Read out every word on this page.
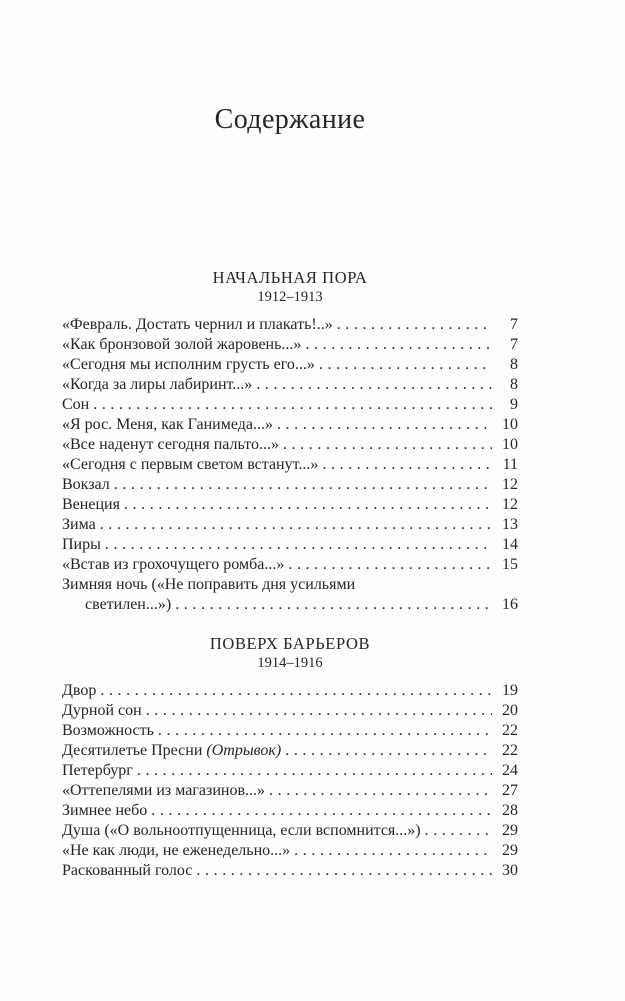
Содержание
НАЧАЛЬНАЯ ПОРА
1912–1913
«Февраль. Достать чернил и плакать!..» .....	7
«Как бронзовой золой жаровень...» .....	7
«Сегодня мы исполним грусть его...» .....	8
«Когда за лиры лабиринт...» .....	8
Сон .....	9
«Я рос. Меня, как Ганимеда...» .....	10
«Все наденут сегодня пальто...» .....	10
«Сегодня с первым светом встанут...» .....	11
Вокзал .....	12
Венеция .....	12
Зима .....	13
Пиры .....	14
«Встав из грохочущего ромба...» .....	15
Зимняя ночь («Не поправить дня усильями
светилен...») .....	16
ПОВЕРХ БАРЬЕРОВ
1914–1916
Двор .....	19
Дурной сон .....	20
Возможность .....	22
Десятилетье Пресни (Отрывок) .....	22
Петербург .....	24
«Оттепелями из магазинов...» .....	27
Зимнее небо .....	28
Душа («О вольноотпущенница, если вспомнится...») .....	29
«Не как люди, не еженедельно...» .....	29
Раскованный голос .....	30
